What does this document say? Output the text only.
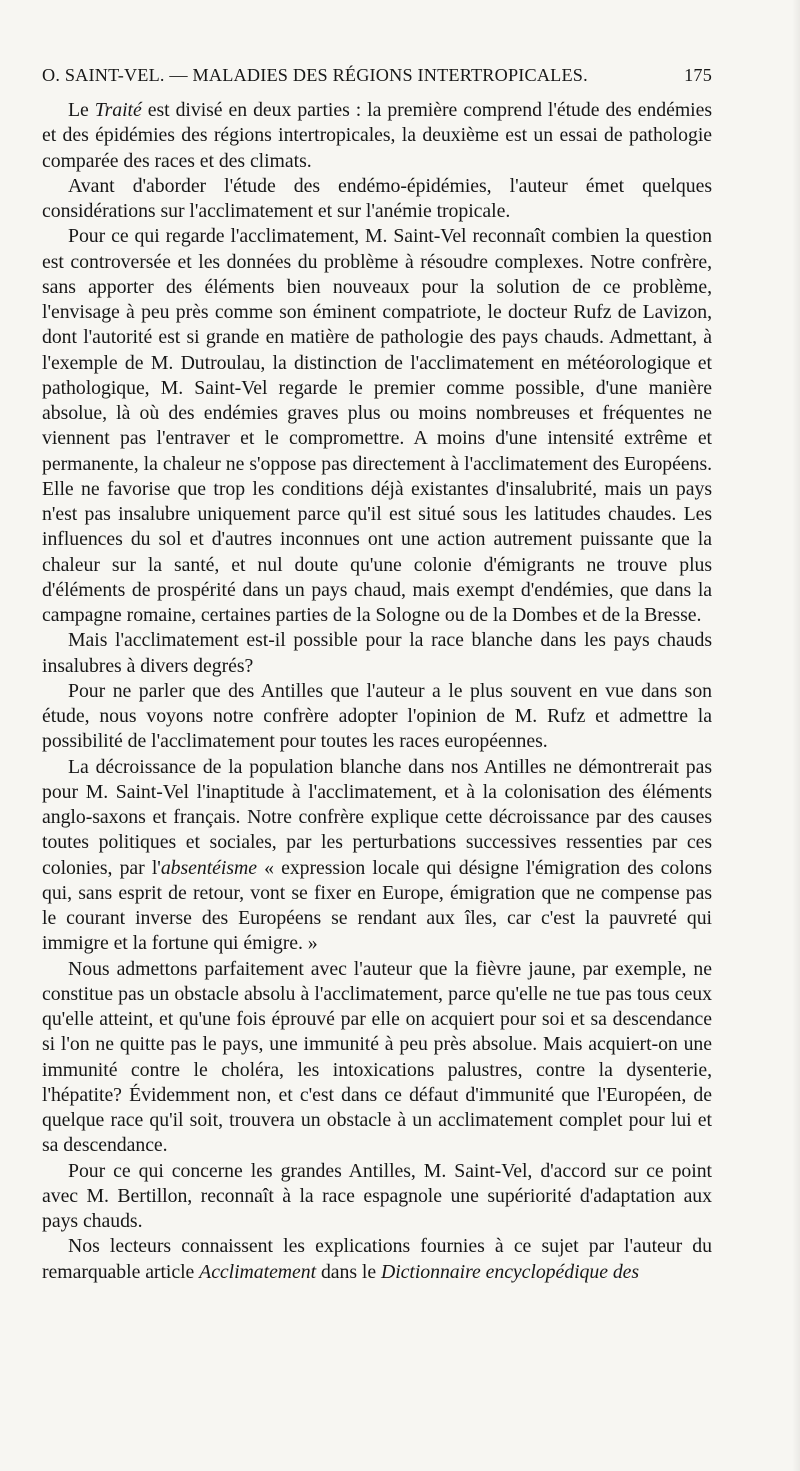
O. SAINT-VEL. — MALADIES DES RÉGIONS INTERTROPICALES.	175

Le Traité est divisé en deux parties : la première comprend l'étude des endémies et des épidémies des régions intertropicales, la deuxième est un essai de pathologie comparée des races et des climats.

Avant d'aborder l'étude des endémo-épidémies, l'auteur émet quelques considérations sur l'acclimatement et sur l'anémie tropicale.

Pour ce qui regarde l'acclimatement, M. Saint-Vel reconnaît combien la question est controversée et les données du problème à résoudre complexes. Notre confrère, sans apporter des éléments bien nouveaux pour la solution de ce problème, l'envisage à peu près comme son éminent compatriote, le docteur Rufz de Lavizon, dont l'autorité est si grande en matière de pathologie des pays chauds. Admettant, à l'exemple de M. Dutroulau, la distinction de l'acclimatement en météorologique et pathologique, M. Saint-Vel regarde le premier comme possible, d'une manière absolue, là où des endémies graves plus ou moins nombreuses et fréquentes ne viennent pas l'entraver et le compromettre. A moins d'une intensité extrême et permanente, la chaleur ne s'oppose pas directement à l'acclimatement des Européens. Elle ne favorise que trop les conditions déjà existantes d'insalubrité, mais un pays n'est pas insalubre uniquement parce qu'il est situé sous les latitudes chaudes. Les influences du sol et d'autres inconnues ont une action autrement puissante que la chaleur sur la santé, et nul doute qu'une colonie d'émigrants ne trouve plus d'éléments de prospérité dans un pays chaud, mais exempt d'endémies, que dans la campagne romaine, certaines parties de la Sologne ou de la Dombes et de la Bresse.

Mais l'acclimatement est-il possible pour la race blanche dans les pays chauds insalubres à divers degrés?

Pour ne parler que des Antilles que l'auteur a le plus souvent en vue dans son étude, nous voyons notre confrère adopter l'opinion de M. Rufz et admettre la possibilité de l'acclimatement pour toutes les races européennes.

La décroissance de la population blanche dans nos Antilles ne démontrerait pas pour M. Saint-Vel l'inaptitude à l'acclimatement, et à la colonisation des éléments anglo-saxons et français. Notre confrère explique cette décroissance par des causes toutes politiques et sociales, par les perturbations successives ressenties par ces colonies, par l'absentéisme « expression locale qui désigne l'émigration des colons qui, sans esprit de retour, vont se fixer en Europe, émigration que ne compense pas le courant inverse des Européens se rendant aux îles, car c'est la pauvreté qui immigre et la fortune qui émigre. »

Nous admettons parfaitement avec l'auteur que la fièvre jaune, par exemple, ne constitue pas un obstacle absolu à l'acclimatement, parce qu'elle ne tue pas tous ceux qu'elle atteint, et qu'une fois éprouvé par elle on acquiert pour soi et sa descendance si l'on ne quitte pas le pays, une immunité à peu près absolue. Mais acquiert-on une immunité contre le choléra, les intoxications palustres, contre la dysenterie, l'hépatite? Évidemment non, et c'est dans ce défaut d'immunité que l'Européen, de quelque race qu'il soit, trouvera un obstacle à un acclimatement complet pour lui et sa descendance.

Pour ce qui concerne les grandes Antilles, M. Saint-Vel, d'accord sur ce point avec M. Bertillon, reconnaît à la race espagnole une supériorité d'adaptation aux pays chauds.

Nos lecteurs connaissent les explications fournies à ce sujet par l'auteur du remarquable article Acclimatement dans le Dictionnaire encyclopédique des
